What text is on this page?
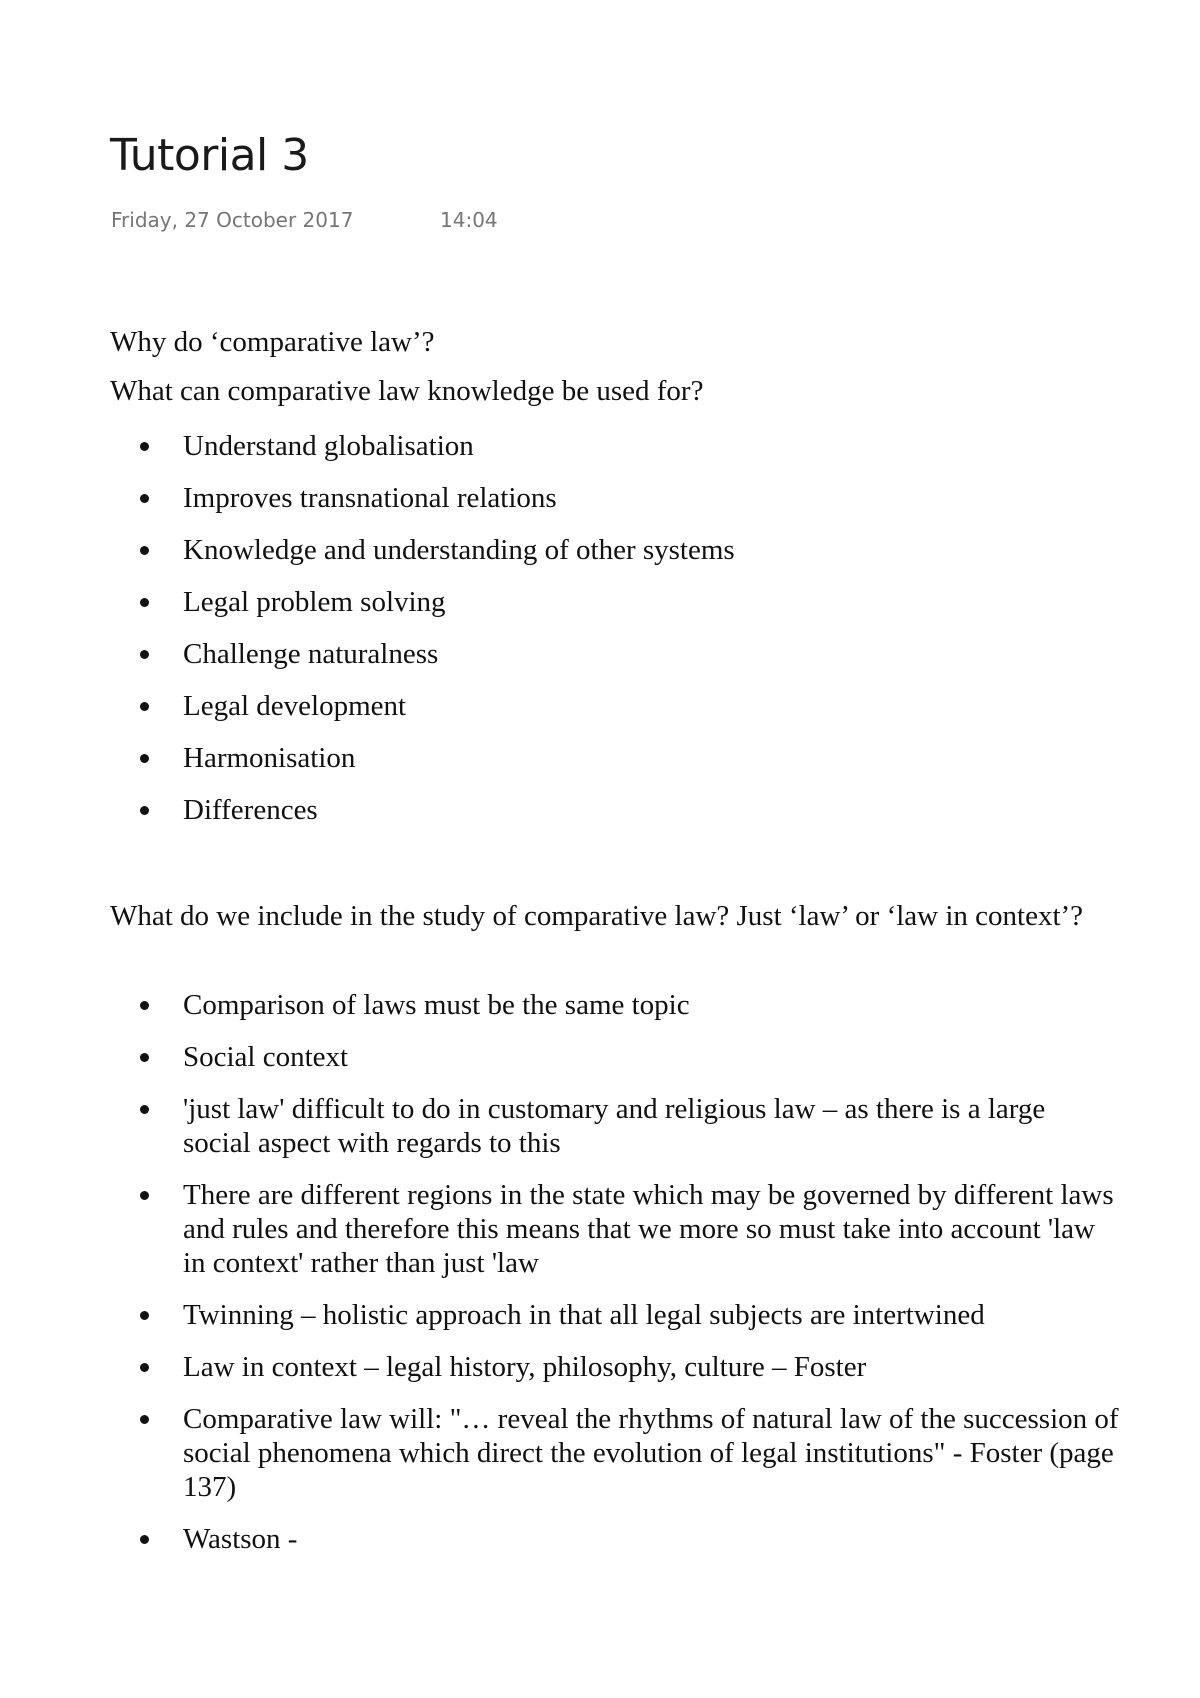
Tutorial 3
Friday, 27 October 2017	14:04
Why do ‘comparative law’?
What can comparative law knowledge be used for?
Understand globalisation
Improves transnational relations
Knowledge and understanding of other systems
Legal problem solving
Challenge naturalness
Legal development
Harmonisation
Differences
What do we include in the study of comparative law? Just ‘law’ or ‘law in context’?
Comparison of laws must be the same topic
Social context
'just law' difficult to do in customary and religious law – as there is a large social aspect with regards to this
There are different regions in the state which may be governed by different laws and rules and therefore this means that we more so must take into account 'law in context' rather than just 'law
Twinning – holistic approach in that all legal subjects are intertwined
Law in context – legal history, philosophy, culture – Foster
Comparative law will: "… reveal the rhythms of natural law of the succession of social phenomena which direct the evolution of legal institutions" - Foster (page 137)
Wastson -
